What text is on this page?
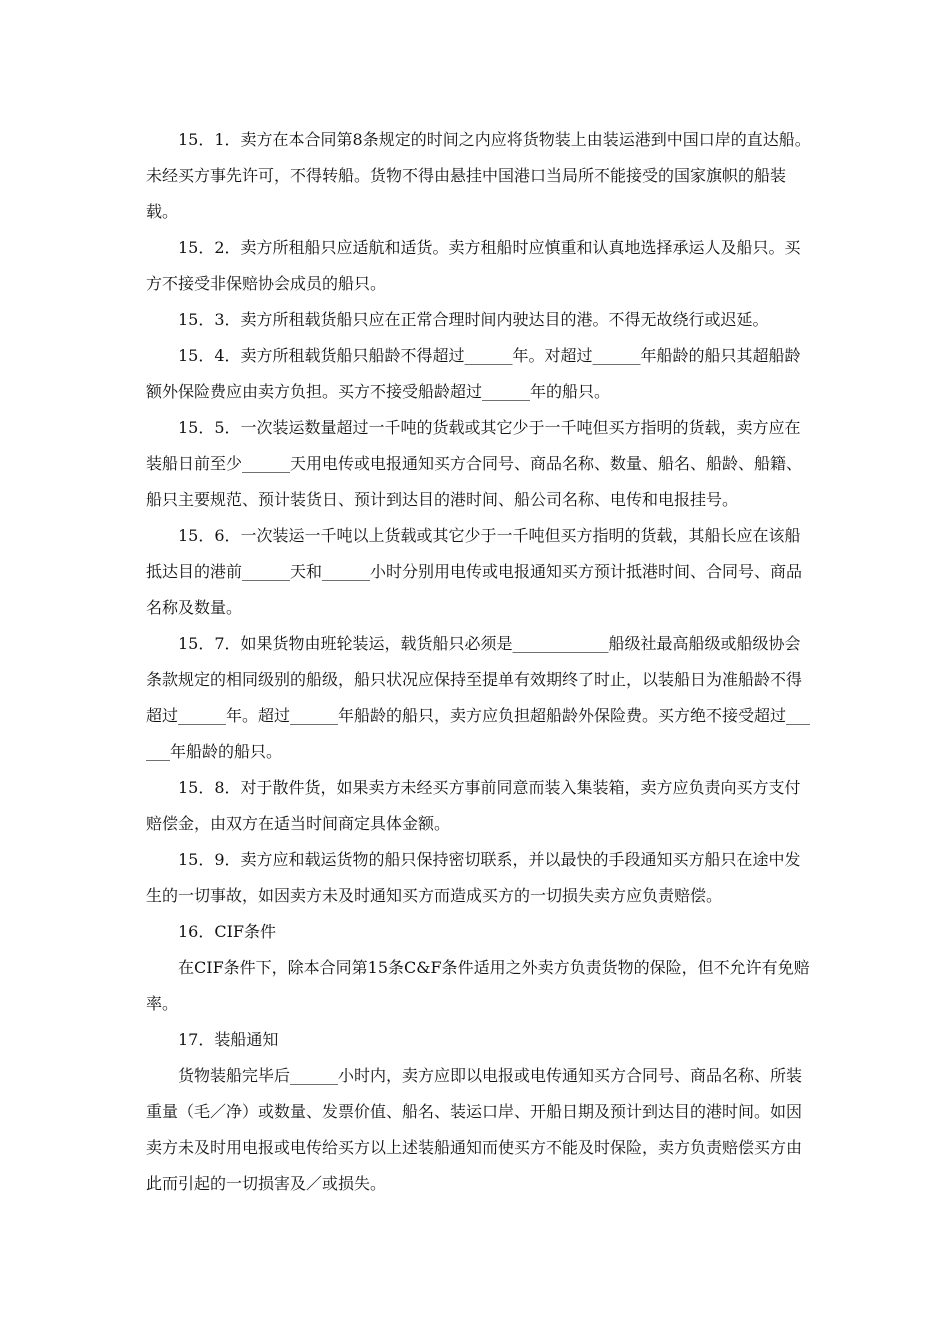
15．1．卖方在本合同第8条规定的时间之内应将货物装上由装运港到中国口岸的直达船。未经买方事先许可，不得转船。货物不得由悬挂中国港口当局所不能接受的国家旗帜的船装载。

15．2．卖方所租船只应适航和适货。卖方租船时应慎重和认真地选择承运人及船只。买方不接受非保赔协会成员的船只。

15．3．卖方所租载货船只应在正常合理时间内驶达目的港。不得无故绕行或迟延。

15．4．卖方所租载货船只船龄不得超过______年。对超过______年船龄的船只其超船龄额外保险费应由卖方负担。买方不接受船龄超过______年的船只。

15．5．一次装运数量超过一千吨的货载或其它少于一千吨但买方指明的货载，卖方应在装船日前至少______天用电传或电报通知买方合同号、商品名称、数量、船名、船龄、船籍、船只主要规范、预计装货日、预计到达目的港时间、船公司名称、电传和电报挂号。

15．6．一次装运一千吨以上货载或其它少于一千吨但买方指明的货载，其船长应在该船抵达目的港前______天和______小时分别用电传或电报通知买方预计抵港时间、合同号、商品名称及数量。

15．7．如果货物由班轮装运，载货船只必须是____________船级社最高船级或船级协会条款规定的相同级别的船级，船只状况应保持至提单有效期终了时止，以装船日为准船龄不得超过______年。超过______年船龄的船只，卖方应负担超船龄外保险费。买方绝不接受超过______年船龄的船只。

15．8．对于散件货，如果卖方未经买方事前同意而装入集装箱，卖方应负责向买方支付赔偿金，由双方在适当时间商定具体金额。

15．9．卖方应和载运货物的船只保持密切联系，并以最快的手段通知买方船只在途中发生的一切事故，如因卖方未及时通知买方而造成买方的一切损失卖方应负责赔偿。

16．CIF条件

在CIF条件下，除本合同第15条C&F条件适用之外卖方负责货物的保险，但不允许有免赔率。

17．装船通知

货物装船完毕后______小时内，卖方应即以电报或电传通知买方合同号、商品名称、所装重量（毛／净）或数量、发票价值、船名、装运口岸、开船日期及预计到达目的港时间。如因卖方未及时用电报或电传给买方以上述装船通知而使买方不能及时保险，卖方负责赔偿买方由此而引起的一切损害及／或损失。
